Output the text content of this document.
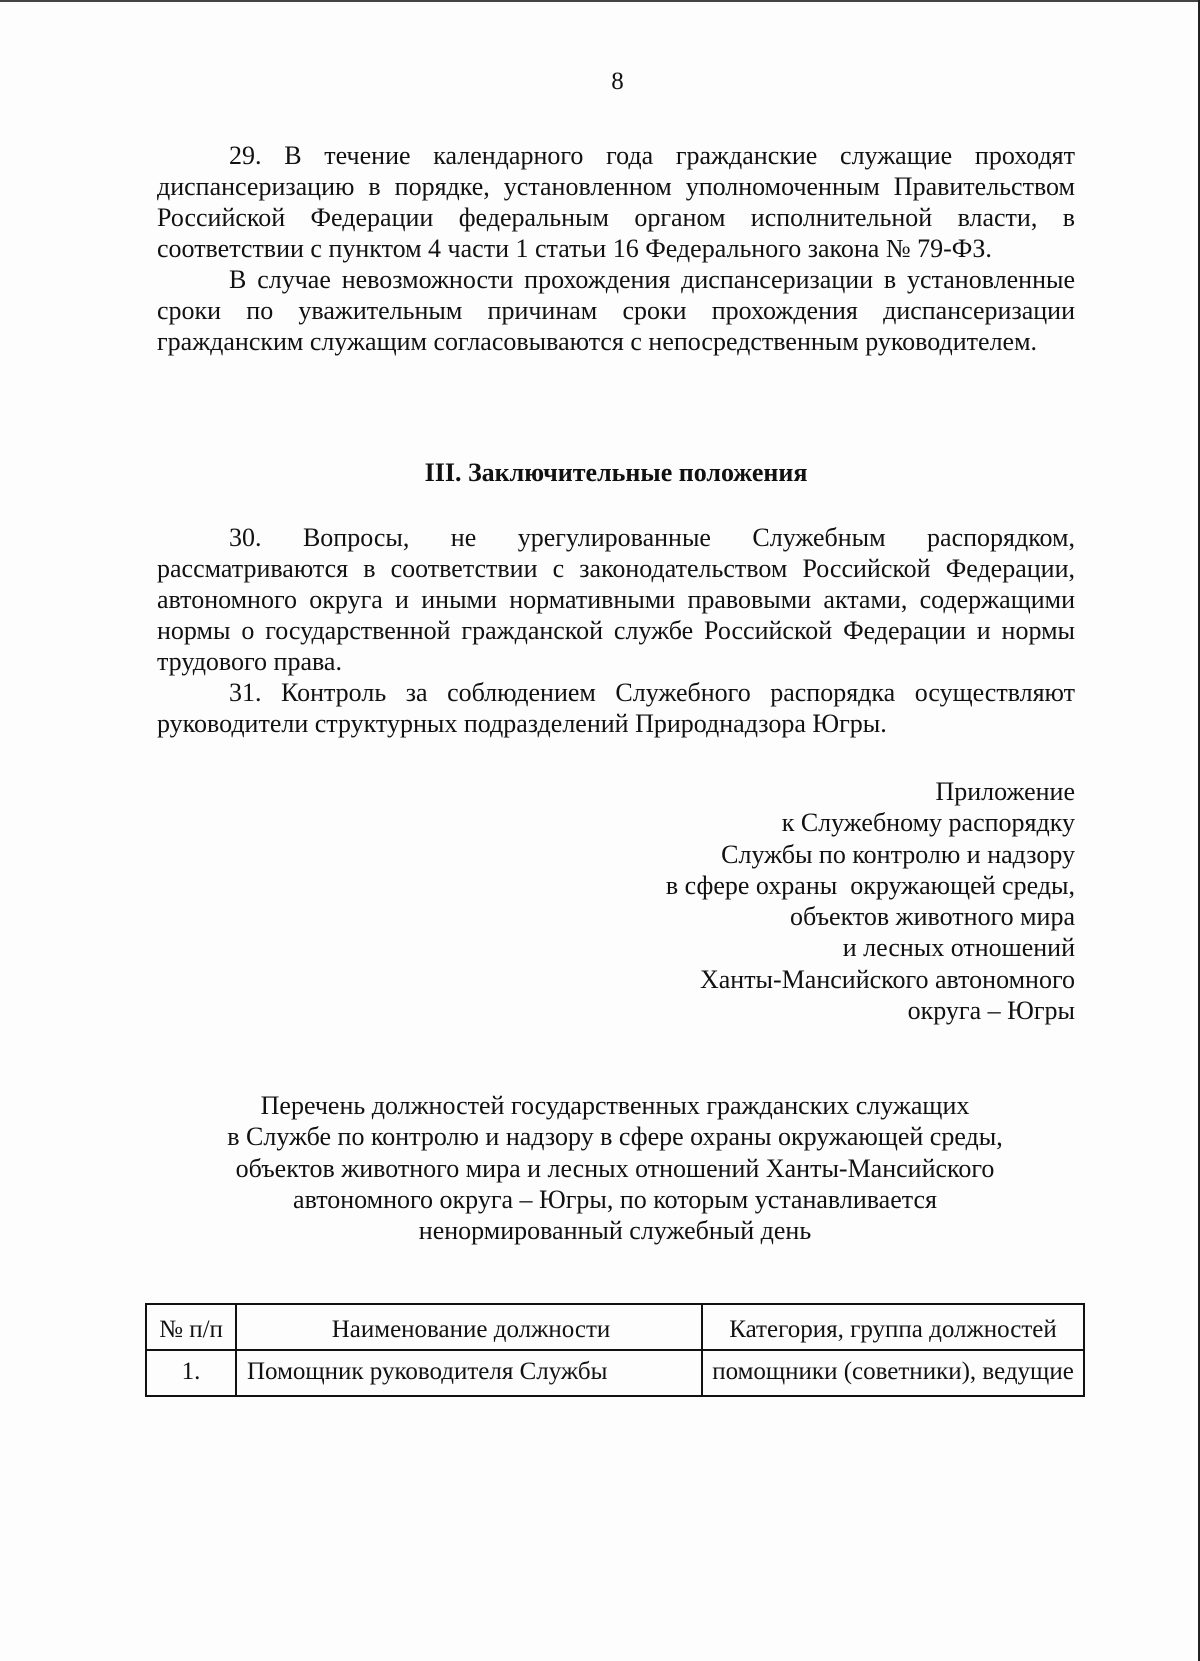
8

29. В течение календарного года гражданские служащие проходят диспансеризацию в порядке, установленном уполномоченным Правительством Российской Федерации федеральным органом исполнительной власти, в соответствии с пунктом 4 части 1 статьи 16 Федерального закона № 79-ФЗ.

В случае невозможности прохождения диспансеризации в установленные сроки по уважительным причинам сроки прохождения диспансеризации гражданским служащим согласовываются с непосредственным руководителем.

III. Заключительные положения

30. Вопросы, не урегулированные Служебным распорядком, рассматриваются в соответствии с законодательством Российской Федерации, автономного округа и иными нормативными правовыми актами, содержащими нормы о государственной гражданской службе Российской Федерации и нормы трудового права.

31. Контроль за соблюдением Служебного распорядка осуществляют руководители структурных подразделений Природнадзора Югры.

Приложение
к Служебному распорядку
Службы по контролю и надзору
в сфере охраны  окружающей среды,
объектов животного мира
и лесных отношений
Ханты-Мансийского автономного
округа – Югры
Перечень должностей государственных гражданских служащих
в Службе по контролю и надзору в сфере охраны окружающей среды,
объектов животного мира и лесных отношений Ханты-Мансийского
автономного округа – Югры, по которым устанавливается
ненормированный служебный день
№ п/п	Наименование должности	Категория, группа должностей
1.	Помощник руководителя Службы	помощники (советники), ведущие
